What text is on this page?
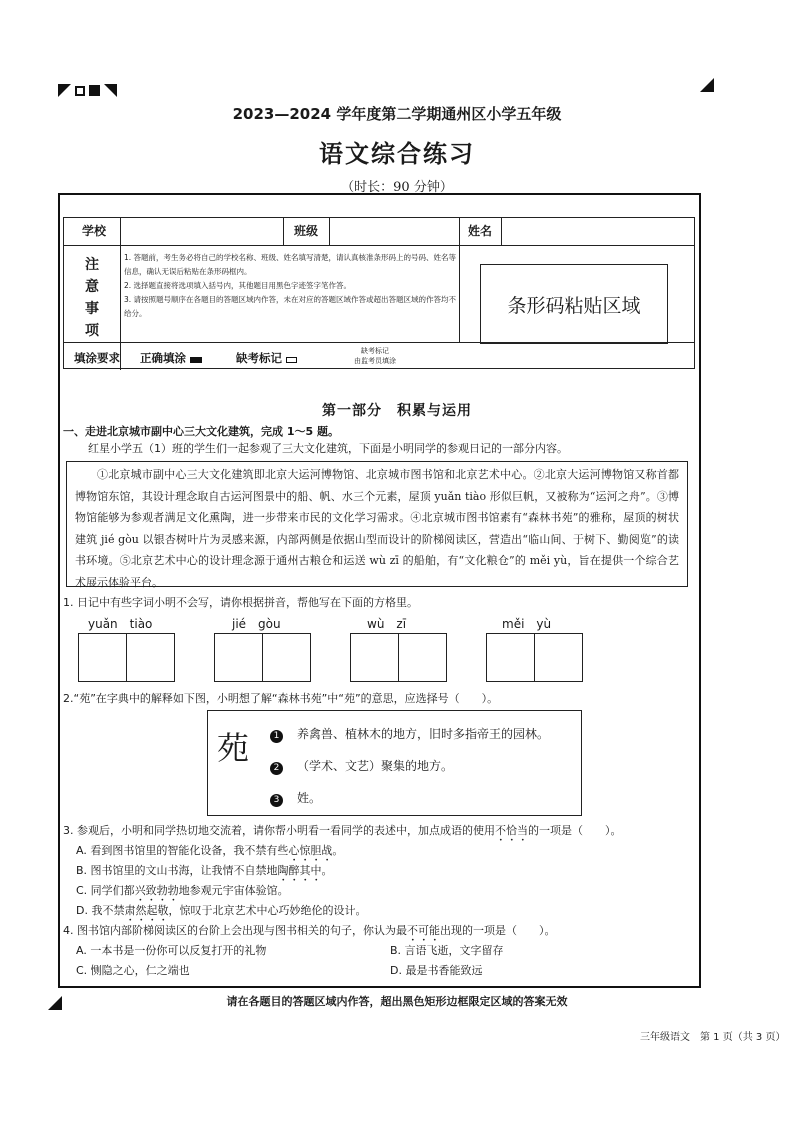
2023—2024 学年度第二学期通州区小学五年级
语文综合练习
（时长：90 分钟）
学校	班级	姓名
注
意
事
项
1. 答题前，考生务必将自己的学校名称、班级、姓名填写清楚，请认真核准条形码上的号码、姓名等信息，确认无误后粘贴在条形码框内。
2. 选择题直接将选项填入括号内，其他题目用黑色字迹签字笔作答。
3. 请按照题号顺序在各题目的答题区域内作答，未在对应的答题区域作答或超出答题区域的作答均不给分。	条形码粘贴区域
填涂要求 正确填涂	缺考标记	缺考标记
由监考员填涂
第一部分　积累与运用
一、走进北京城市副中心三大文化建筑，完成 1～5 题。
红星小学五（1）班的学生们一起参观了三大文化建筑，下面是小明同学的参观日记的一部分内容。
①北京城市副中心三大文化建筑即北京大运河博物馆、北京城市图书馆和北京艺术中心。②北京大运河博物馆又称首都博物馆东馆，其设计理念取自古运河图景中的船、帆、水三个元素，屋顶 yuǎn tiào 形似巨帆，又被称为“运河之舟”。③博物馆能够为参观者满足文化熏陶，进一步带来市民的文化学习需求。④北京城市图书馆素有“森林书苑”的雅称，屋顶的树状建筑 jié gòu 以银杏树叶片为灵感来源，内部两侧是依据山型而设计的阶梯阅读区，营造出“临山间、于树下、勤阅览”的读书环境。⑤北京艺术中心的设计理念源于通州古粮仓和运送 wù zī 的船舶，有“文化粮仓”的 měi yù，旨在提供一个综合艺术展示体验平台。
1. 日记中有些字词小明不会写，请你根据拼音，帮他写在下面的方格里。
yuǎn　tiào	jié　gòu	wù　zī	měi　yù
2.“苑”在字典中的解释如下图，小明想了解“森林书苑”中“苑”的意思，应选择号（　　）。
苑	1 养禽兽、植林木的地方，旧时多指帝王的园林。
2 （学术、文艺）聚集的地方。
3 姓。
3. 参观后，小明和同学热切地交流着，请你帮小明看一看同学的表述中，加点成语的使用不恰当的一项是（　　）。
A. 看到图书馆里的智能化设备，我不禁有些心惊胆战。
B. 图书馆里的文山书海，让我情不自禁地陶醉其中。
C. 同学们都兴致勃勃地参观元宇宙体验馆。
D. 我不禁肃然起敬，惊叹于北京艺术中心巧妙绝伦的设计。
4. 图书馆内部阶梯阅读区的台阶上会出现与图书相关的句子，你认为最不可能出现的一项是（　　）。
A. 一本书是一份你可以反复打开的礼物	B. 言语飞逝，文字留存
C. 恻隐之心，仁之端也	D. 最是书香能致远
请在各题目的答题区域内作答，超出黑色矩形边框限定区域的答案无效
三年级语文　第 1 页（共 3 页）
